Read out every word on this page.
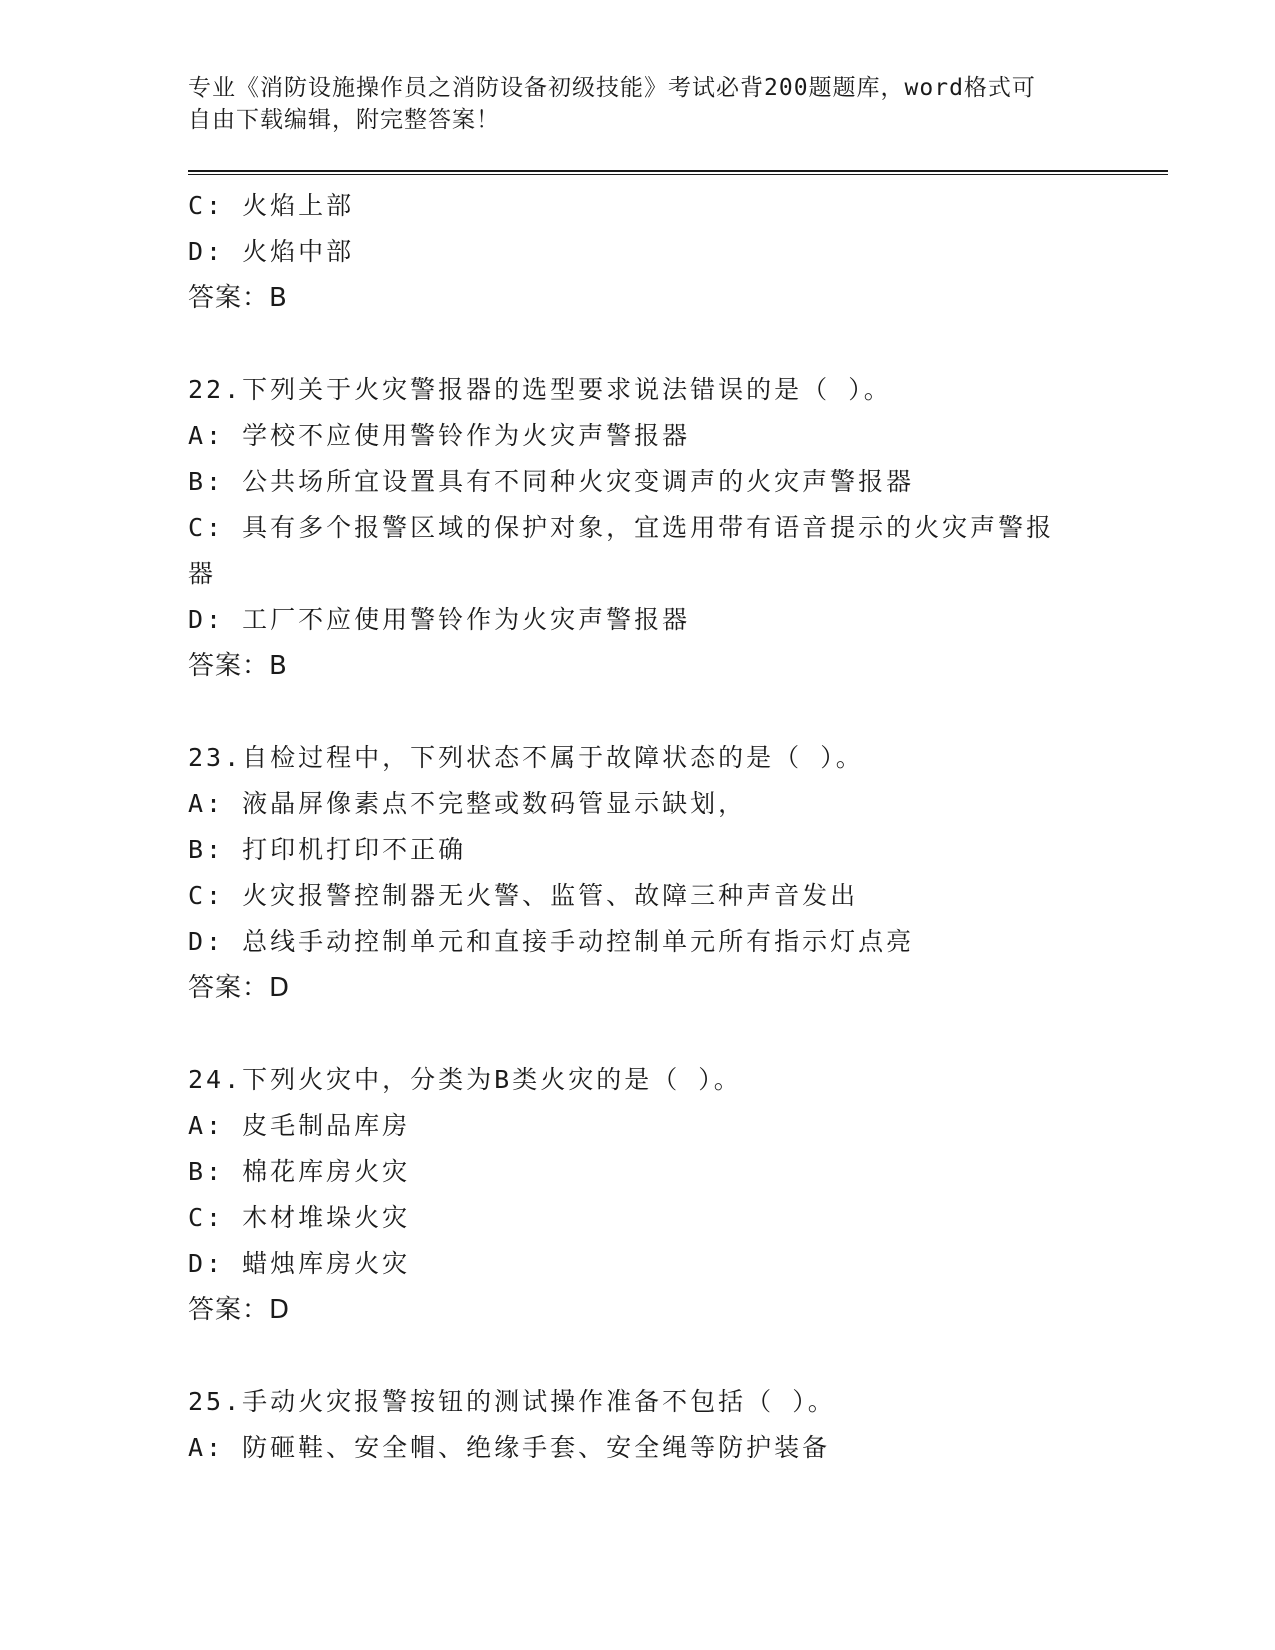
专业《消防设施操作员之消防设备初级技能》考试必背200题题库，word格式可

自由下载编辑，附完整答案！

C: 火焰上部

D: 火焰中部

答案：B

22.下列关于火灾警报器的选型要求说法错误的是（ ）。

A: 学校不应使用警铃作为火灾声警报器

B: 公共场所宜设置具有不同种火灾变调声的火灾声警报器

C: 具有多个报警区域的保护对象，宜选用带有语音提示的火灾声警报

器

D: 工厂不应使用警铃作为火灾声警报器

答案：B

23.自检过程中，下列状态不属于故障状态的是（ ）。

A: 液晶屏像素点不完整或数码管显示缺划，

B: 打印机打印不正确

C: 火灾报警控制器无火警、监管、故障三种声音发出

D: 总线手动控制单元和直接手动控制单元所有指示灯点亮

答案：D

24.下列火灾中，分类为B类火灾的是（ ）。

A: 皮毛制品库房

B: 棉花库房火灾

C: 木材堆垛火灾

D: 蜡烛库房火灾

答案：D

25.手动火灾报警按钮的测试操作准备不包括（ ）。

A: 防砸鞋、安全帽、绝缘手套、安全绳等防护装备
